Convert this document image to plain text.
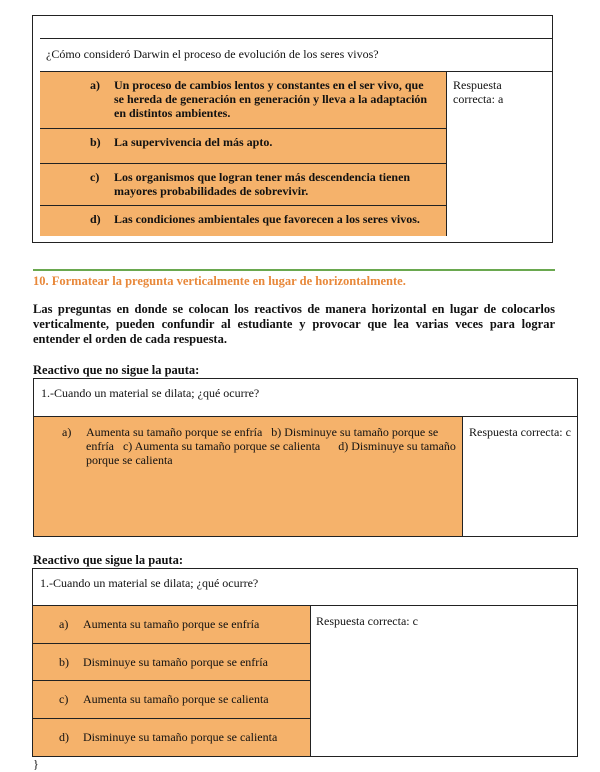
¿Cómo consideró Darwin el proceso de evolución de los seres vivos?
a)	Un proceso de cambios lentos y constantes en el ser vivo, que se hereda de generación en generación y lleva a la adaptación en distintos ambientes.
b)	La supervivencia del más apto.
c)	Los organismos que logran tener más descendencia tienen mayores probabilidades de sobrevivir.
d)	Las condiciones ambientales que favorecen a los seres vivos.
Respuesta correcta: a
10. Formatear la pregunta verticalmente en lugar de horizontalmente.
Las preguntas en donde se colocan los reactivos de manera horizontal en lugar de colocarlos verticalmente, pueden confundir al estudiante y provocar que lea varias veces para lograr entender el orden de cada respuesta.
Reactivo que no sigue la pauta:
1.-Cuando un material se dilata; ¿qué ocurre?
a)	Aumenta su tamaño porque se enfría   b) Disminuye su tamaño porque se enfría   c) Aumenta su tamaño porque se calienta      d) Disminuye su tamaño porque se calienta
Respuesta correcta: c
Reactivo que sigue la pauta:
1.-Cuando un material se dilata; ¿qué ocurre?
a)	Aumenta su tamaño porque se enfría
b)	Disminuye su tamaño porque se enfría
c)	Aumenta su tamaño porque se calienta
d)	Disminuye su tamaño porque se calienta
Respuesta correcta: c
}
